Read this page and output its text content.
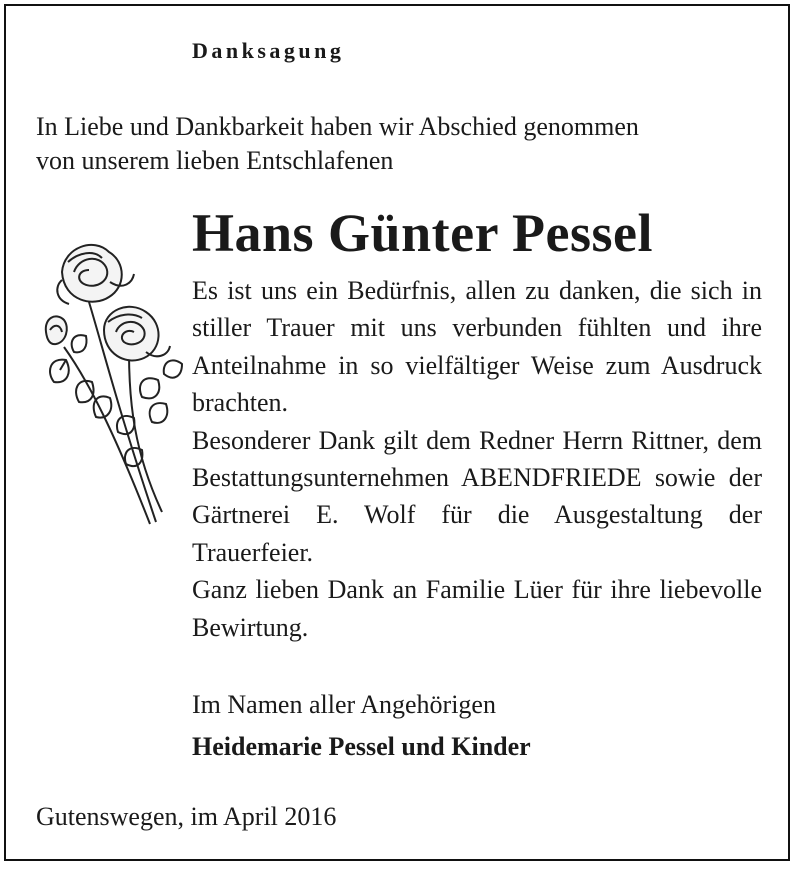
Danksagung
In Liebe und Dankbarkeit haben wir Abschied genommen
von unserem lieben Entschlafenen
Hans Günter Pessel

Es ist uns ein Bedürfnis, allen zu danken, die sich in stiller Trauer mit uns verbunden fühlten und ihre Anteilnahme in so vielfältiger Weise zum Ausdruck brachten.

Besonderer Dank gilt dem Redner Herrn Rittner, dem Bestattungsunternehmen ABENDFRIEDE sowie der Gärtnerei E. Wolf für die Ausgestaltung der Trauerfeier.

Ganz lieben Dank an Familie Lüer für ihre liebevolle Bewirtung.

Im Namen aller Angehörigen
Heidemarie Pessel und Kinder
Gutenswegen, im April 2016
